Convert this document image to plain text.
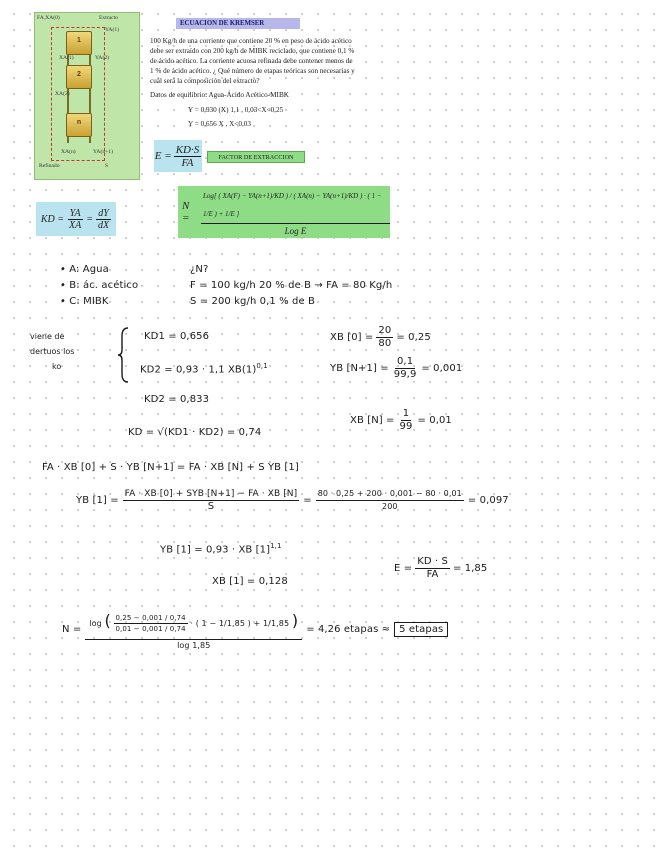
1
2
n
FA,XA(0)	Extracto
YA(1)
XA(1)	YA(2)
XA(2)
XA(n)	YA(n+1)
Refinado	S
ECUACION DE KREMSER
100 Kg/h de una corriente que contiene 20 % en peso de ácido acético
debe ser extraído con 200 kg/h de MIBK reciclado, que contiene 0,1 %
de ácido acético. La corriente acuosa refinada debe contener menos de
1 % de ácido acético. ¿ Qué número de etapas teóricas son necesarias y
cuál será la composición del extracto?
Datos de equilibrio: Agua-Ácido Acético-MIBK
Y = 0,930 (X) 1,1 , 0,03<X<0,25
Y = 0,656 X , X<0,03
$E = \frac{KD\cdot S}{FA}$	FACTOR DE EXTRACCION
KD = $\frac{YA}{XA} = \frac{dY}{dX}$
N =
Log[ ( XA(F) − YA(n+1)/KD ) / ( XA(n) − YA(n+1)/KD ) · ( 1 − 1/E ) + 1/E ]
Log E
• A: Agua	¿N?
• B: ác. acético	F = 100 kg/h 20 % de B → FA = 80 Kg/h
• C: MIBK	S = 200 kg/h 0,1 % de B
viene de
dertuos los
ko
KD1 = 0,656
KD2 = 0,93 · 1,1 $XB(1)^{0,1}$
XB $[0] = \frac{20}{80} = 0,25$
YB $[N+1] = \frac{0,1}{99,9} = 0,001$
KD2 = 0,833
XB $[N] = \frac{1}{99} = 0,01$
KD = √(KD1 · KD2) = 0,74
FA · XB [0] + S · YB [N+1] = FA · XB [N] + S YB [1]
YB $[1] = \frac{\text{FA · XB [0] + SYB [N+1] − FA · XB [N]}}{S} = \frac{80 \cdot 0,25 + 200 \cdot 0,001 - 80 \cdot 0,01}{200} = 0,097$
YB [1] = 0,93 · XB $[1]^{1,1}$
$E = \frac{KD \cdot S}{FA} = 1,85$
XB [1] = 0,128
N =	log ( $\frac{0,25 - 0,001 / 0,74}{0,01 - 0,001 / 0,74}$ · ( 1 − 1/1,85 ) + 1/1,85 )
log 1,85
= 4,26 etapas ≈ 5 etapas
